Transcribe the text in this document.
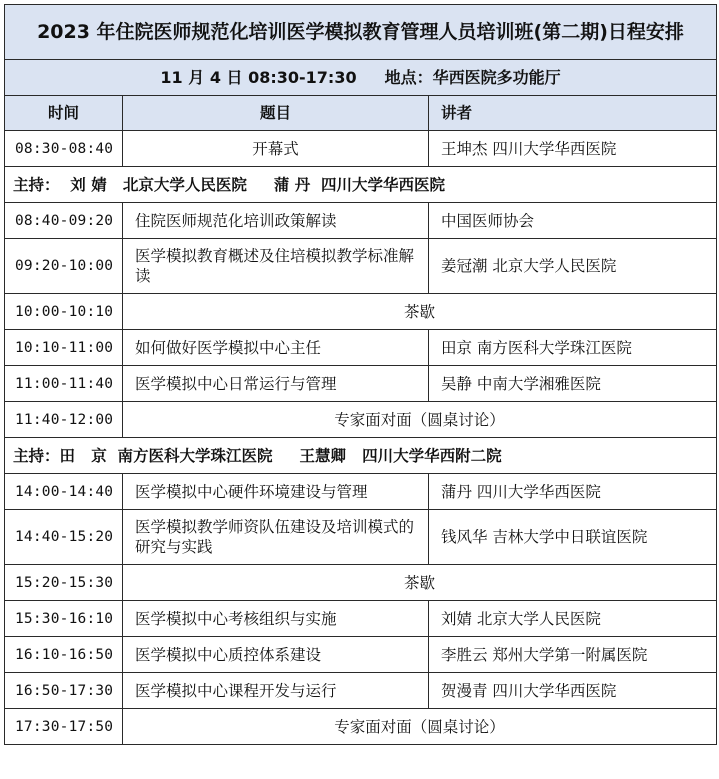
2023 年住院医师规范化培训医学模拟教育管理人员培训班(第二期)日程安排		
11 月 4 日 08:30-17:30 地点：华西医院多功能厅		
时间	题目	讲者
08:30-08:40	开幕式	王坤杰 四川大学华西医院
主持：  刘 婧   北京大学人民医院     蒲 丹  四川大学华西医院		
08:40-09:20	住院医师规范化培训政策解读	中国医师协会
09:20-10:00	医学模拟教育概述及住培模拟教学标准解读	姜冠潮 北京大学人民医院
10:00-10:10	茶歇	
10:10-11:00	如何做好医学模拟中心主任	田京 南方医科大学珠江医院
11:00-11:40	医学模拟中心日常运行与管理	吴静 中南大学湘雅医院
11:40-12:00	专家面对面（圆桌讨论）	
主持：田   京  南方医科大学珠江医院     王慧卿   四川大学华西附二院		
14:00-14:40	医学模拟中心硬件环境建设与管理	蒲丹 四川大学华西医院
14:40-15:20	医学模拟教学师资队伍建设及培训模式的研究与实践	钱风华 吉林大学中日联谊医院
15:20-15:30	茶歇	
15:30-16:10	医学模拟中心考核组织与实施	刘婧 北京大学人民医院
16:10-16:50	医学模拟中心质控体系建设	李胜云 郑州大学第一附属医院
16:50-17:30	医学模拟中心课程开发与运行	贺漫青 四川大学华西医院
17:30-17:50	专家面对面（圆桌讨论）	
